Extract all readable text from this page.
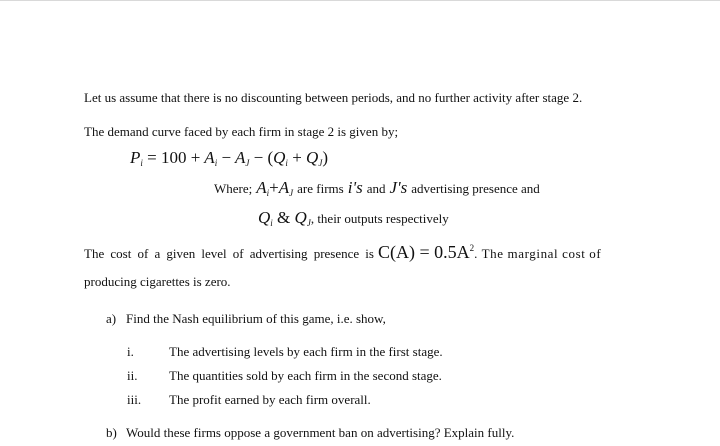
Let us assume that there is no discounting between periods, and no further activity after stage 2.
The demand curve faced by each firm in stage 2 is given by;
$P_i = 100 + A_i - A_J - (Q_i + Q_J)$
Where; $A_i+A_J$ are firms i's and J's advertising presence and
$Q_i$ & $Q_J$, their outputs respectively
The cost of a given level of advertising presence is $C(A) = 0.5A^2$. The marginal cost of
producing cigarettes is zero.
a) Find the Nash equilibrium of this game, i.e. show,
i.	The advertising levels by each firm in the first stage.
ii. The quantities sold by each firm in the second stage.
iii. The profit earned by each firm overall.
b) Would these firms oppose a government ban on advertising? Explain fully.
